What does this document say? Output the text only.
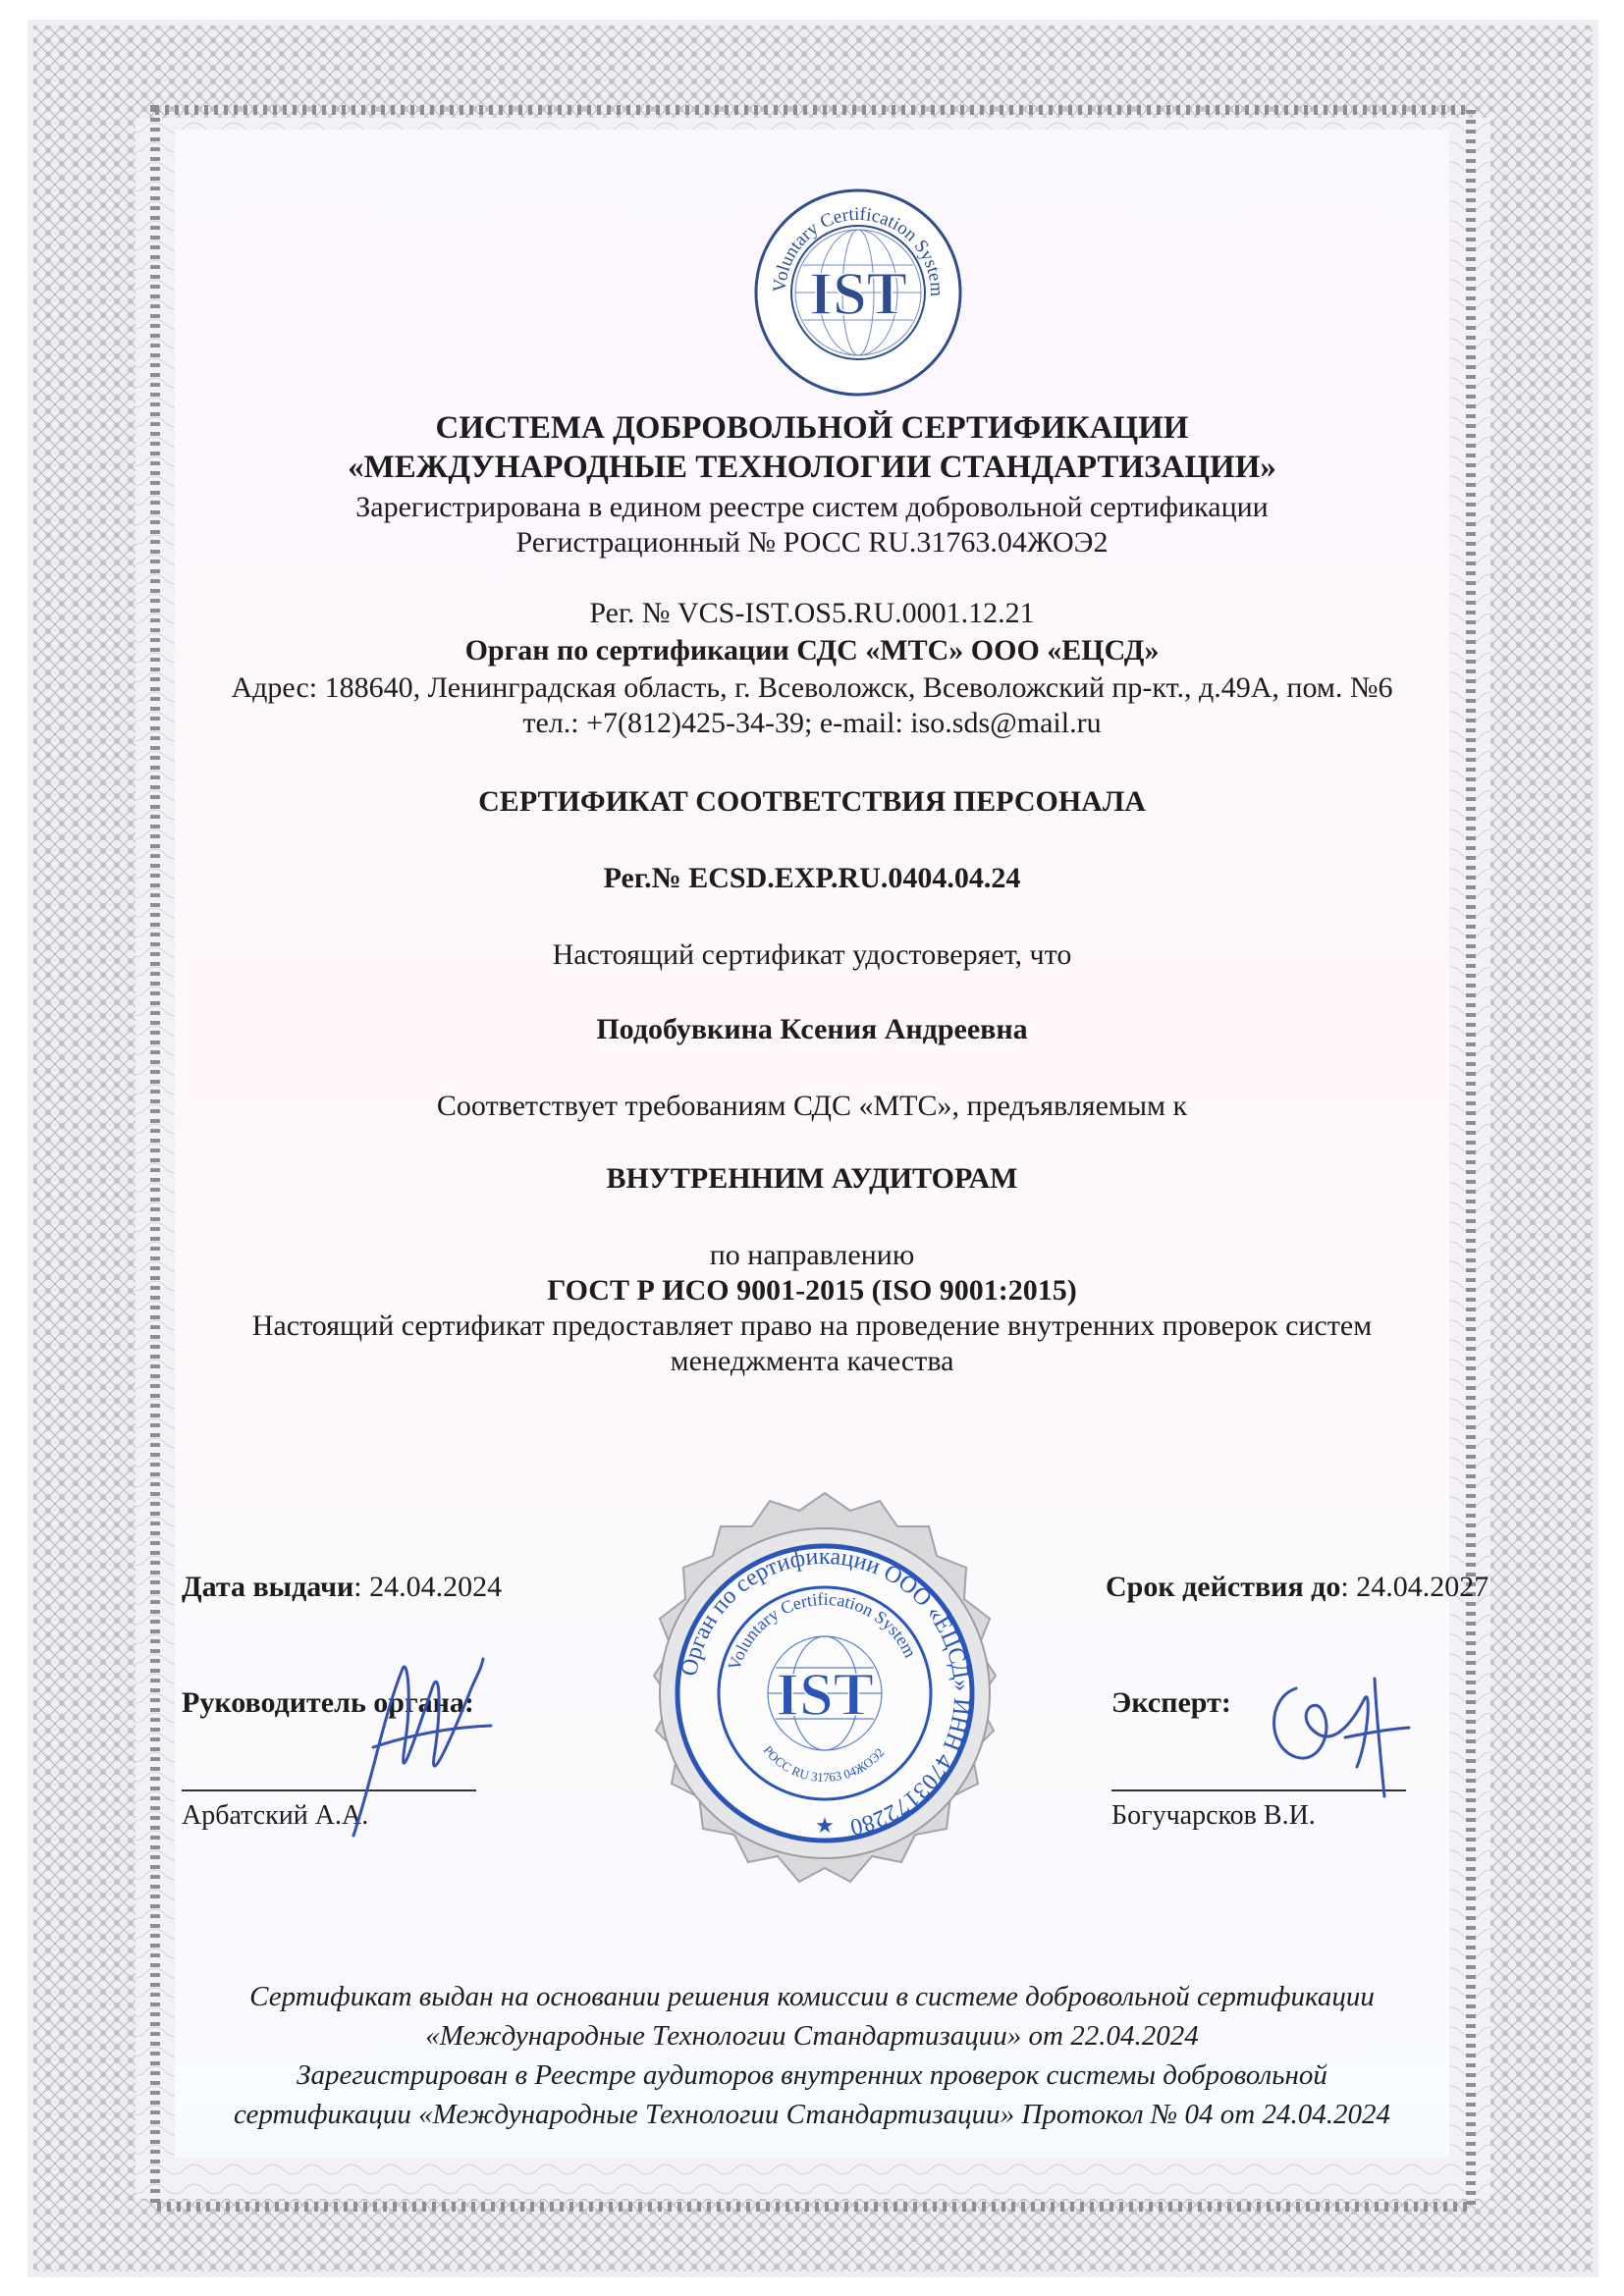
Voluntary Certification System
IST
СИСТЕМА ДОБРОВОЛЬНОЙ СЕРТИФИКАЦИИ
«МЕЖДУНАРОДНЫЕ ТЕХНОЛОГИИ СТАНДАРТИЗАЦИИ»
Зарегистрирована в едином реестре систем добровольной сертификации
Регистрационный № РОСС RU.31763.04ЖОЭ2
Рег. № VCS-IST.OS5.RU.0001.12.21
Орган по сертификации СДС «МТС» ООО «ЕЦСД»
Адрес: 188640, Ленинградская область, г. Всеволожск, Всеволожский пр-кт., д.49А, пом. №6
тел.: +7(812)425-34-39; e-mail: iso.sds@mail.ru
СЕРТИФИКАТ СООТВЕТСТВИЯ ПЕРСОНАЛА
Рег.№ ECSD.EXP.RU.0404.04.24
Настоящий сертификат удостоверяет, что
Подобувкина Ксения Андреевна
Соответствует требованиям СДС «МТС», предъявляемым к
ВНУТРЕННИМ АУДИТОРАМ
по направлению
ГОСТ Р ИСО 9001-2015 (ISO 9001:2015)
Настоящий сертификат предоставляет право на проведение внутренних проверок систем
менеджмента качества
Орган по сертификации ООО «ЕЦСД» ИНН 4703172280
Voluntary Certification System
РОСС RU 31763 04ЖОЭ2
IST
★
Дата выдачи: 24.04.2024	Срок действия до: 24.04.2027
Руководитель органа:
Арбатский А.А.
Эксперт:
Богучарсков В.И.
Сертификат выдан на основании решения комиссии в системе добровольной сертификации
«Международные Технологии Стандартизации» от 22.04.2024
Зарегистрирован в Реестре аудиторов внутренних проверок системы добровольной
сертификации «Международные Технологии Стандартизации» Протокол № 04 от 24.04.2024
